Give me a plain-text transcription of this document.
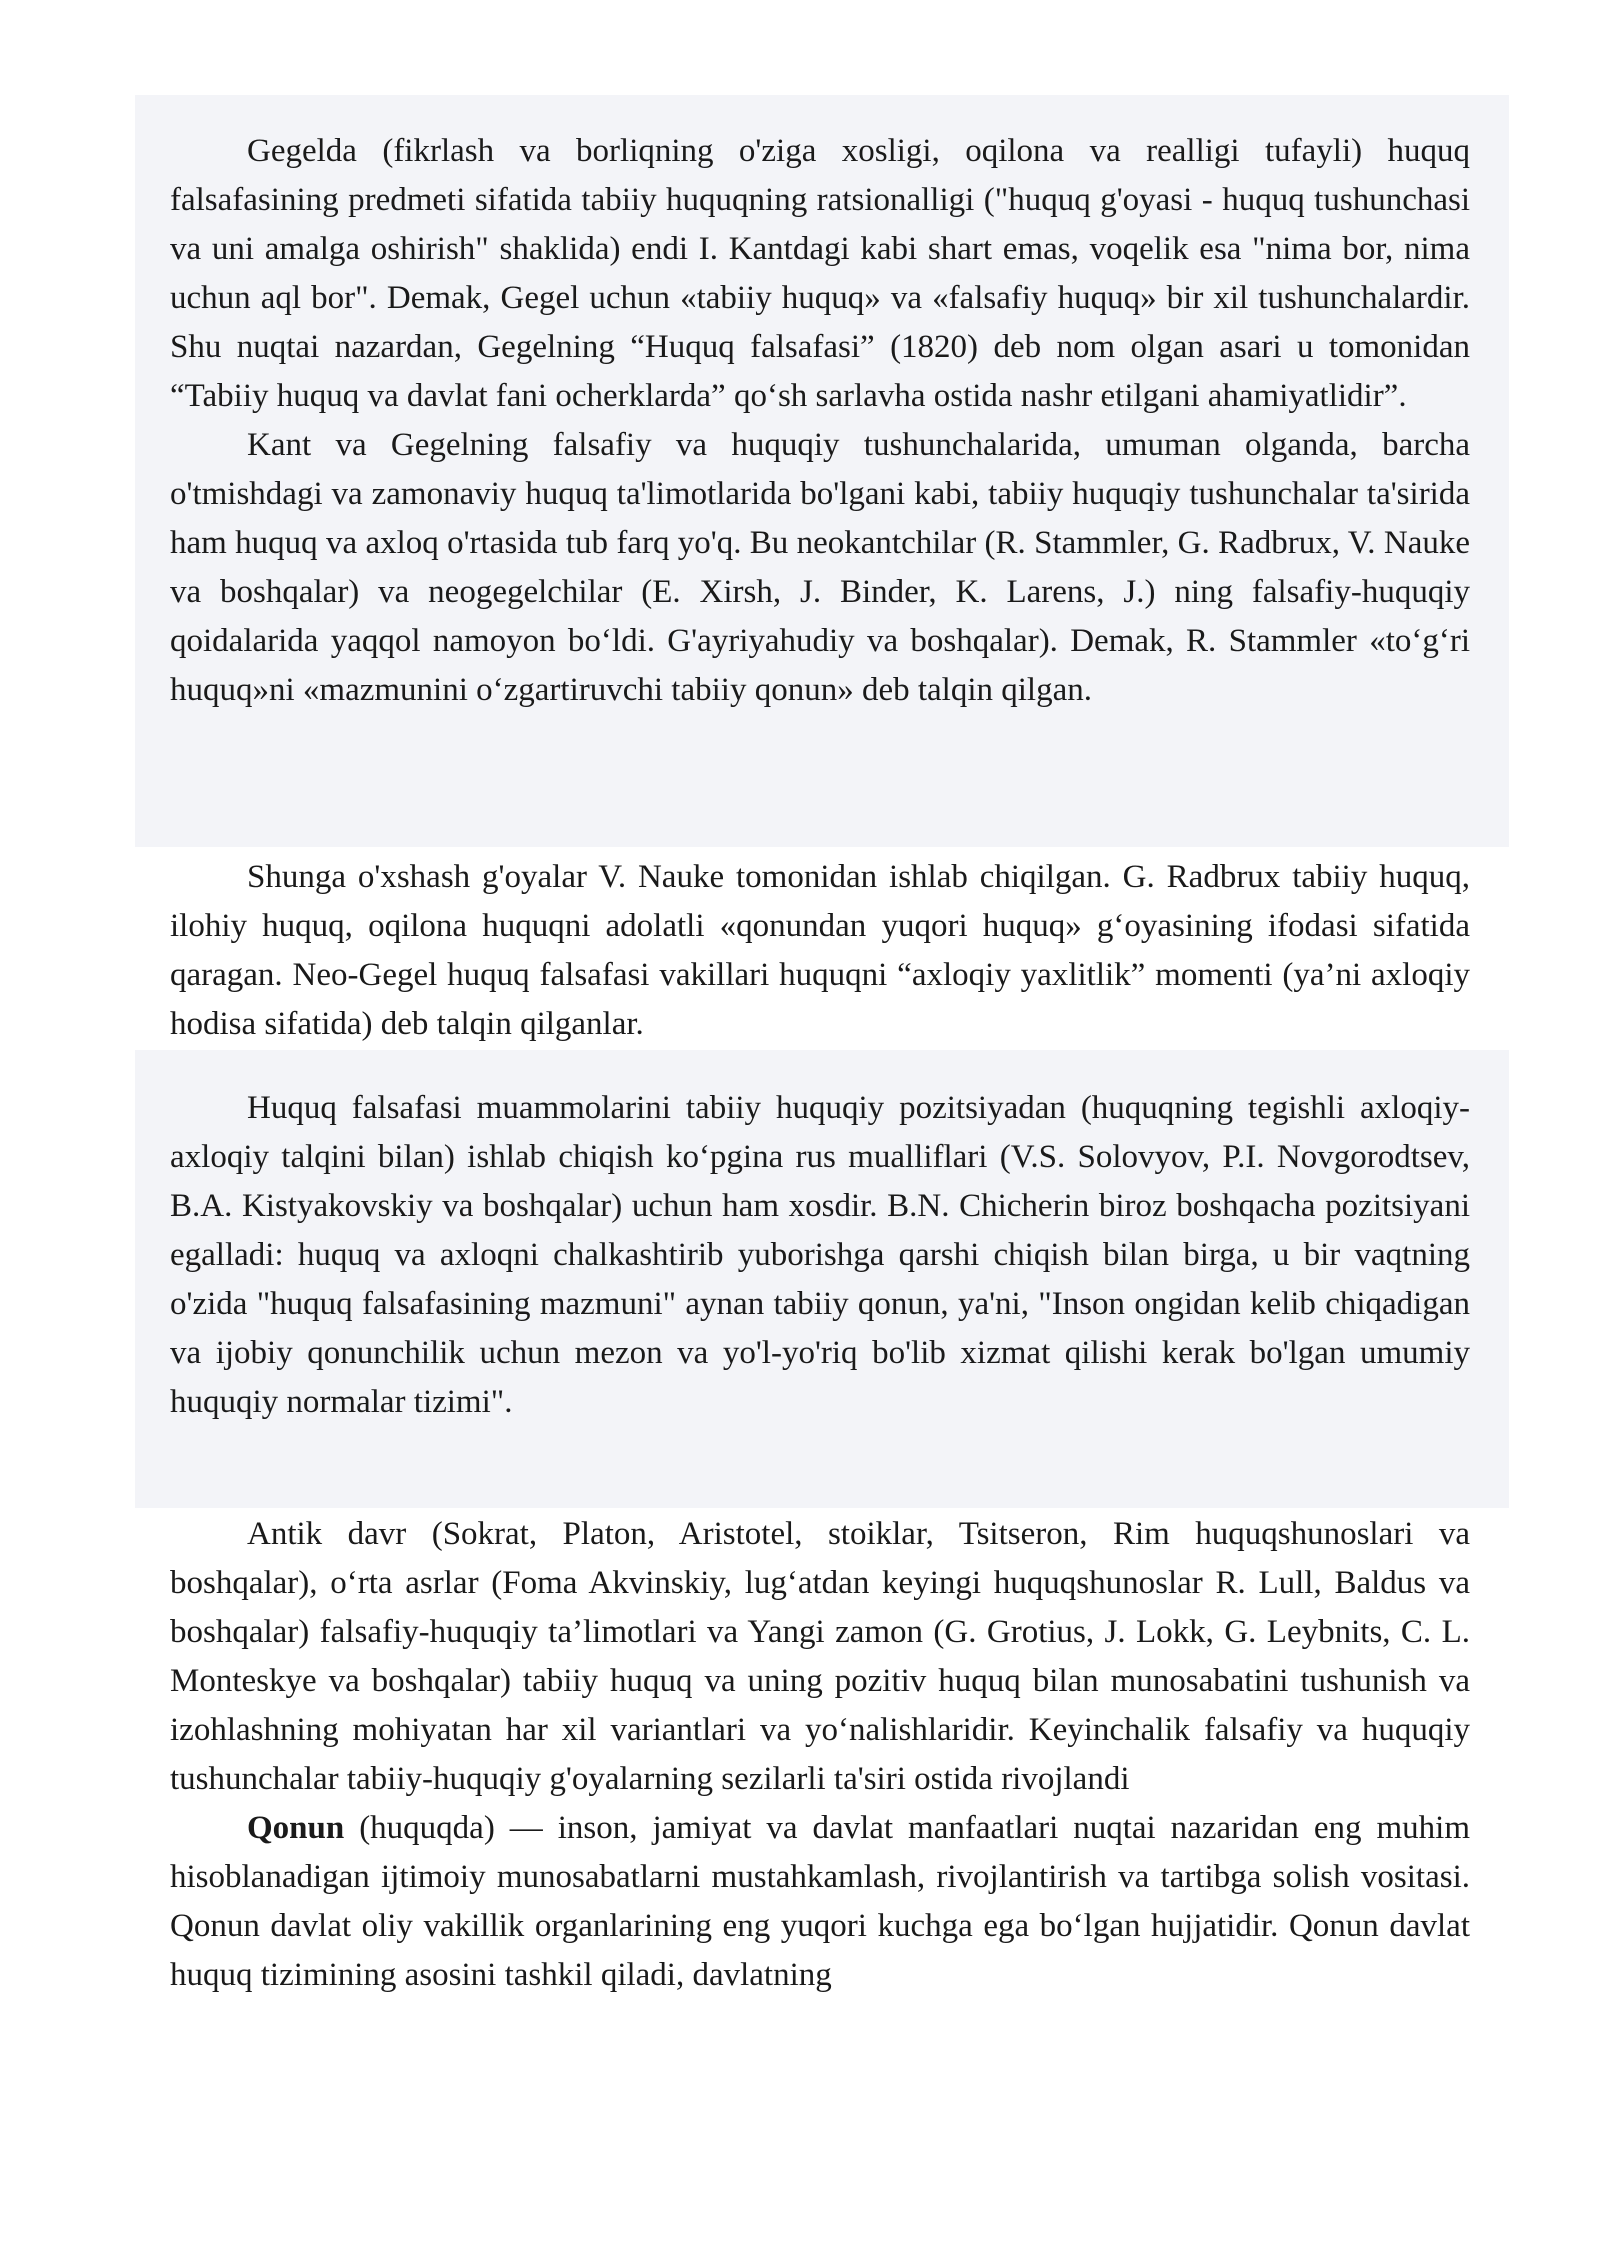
Gegelda (fikrlash va borliqning o'ziga xosligi, oqilona va realligi tufayli) huquq falsafasining predmeti sifatida tabiiy huquqning ratsionalligi ("huquq g'oyasi - huquq tushunchasi va uni amalga oshirish" shaklida) endi I. Kantdagi kabi shart emas, voqelik esa "nima bor, nima uchun aql bor". Demak, Gegel uchun «tabiiy huquq» va «falsafiy huquq» bir xil tushunchalardir. Shu nuqtai nazardan, Gegelning “Huquq falsafasi” (1820) deb nom olgan asari u tomonidan “Tabiiy huquq va davlat fani ocherklarda” qo‘sh sarlavha ostida nashr etilgani ahamiyatlidir”.

Kant va Gegelning falsafiy va huquqiy tushunchalarida, umuman olganda, barcha o'tmishdagi va zamonaviy huquq ta'limotlarida bo'lgani kabi, tabiiy huquqiy tushunchalar ta'sirida ham huquq va axloq o'rtasida tub farq yo'q. Bu neokantchilar (R. Stammler, G. Radbrux, V. Nauke va boshqalar) va neogegelchilar (E. Xirsh, J. Binder, K. Larens, J.) ning falsafiy-huquqiy qoidalarida yaqqol namoyon bo‘ldi. G'ayriyahudiy va boshqalar). Demak, R. Stammler «to‘g‘ri huquq»ni «mazmunini o‘zgartiruvchi tabiiy qonun» deb talqin qilgan.

Shunga o'xshash g'oyalar V. Nauke tomonidan ishlab chiqilgan. G. Radbrux tabiiy huquq, ilohiy huquq, oqilona huquqni adolatli «qonundan yuqori huquq» g‘oyasining ifodasi sifatida qaragan. Neo-Gegel huquq falsafasi vakillari huquqni “axloqiy yaxlitlik” momenti (ya’ni axloqiy hodisa sifatida) deb talqin qilganlar.

Huquq falsafasi muammolarini tabiiy huquqiy pozitsiyadan (huquqning tegishli axloqiy-axloqiy talqini bilan) ishlab chiqish ko‘pgina rus mualliflari (V.S. Solovyov, P.I. Novgorodtsev, B.A. Kistyakovskiy va boshqalar) uchun ham xosdir. B.N. Chicherin biroz boshqacha pozitsiyani egalladi: huquq va axloqni chalkashtirib yuborishga qarshi chiqish bilan birga, u bir vaqtning o'zida "huquq falsafasining mazmuni" aynan tabiiy qonun, ya'ni, "Inson ongidan kelib chiqadigan va ijobiy qonunchilik uchun mezon va yo'l-yo'riq bo'lib xizmat qilishi kerak bo'lgan umumiy huquqiy normalar tizimi".

Antik davr (Sokrat, Platon, Aristotel, stoiklar, Tsitseron, Rim huquqshunoslari va boshqalar), o‘rta asrlar (Foma Akvinskiy, lug‘atdan keyingi huquqshunoslar R. Lull, Baldus va boshqalar) falsafiy-huquqiy ta’limotlari va Yangi zamon (G. Grotius, J. Lokk, G. Leybnits, C. L. Monteskye va boshqalar) tabiiy huquq va uning pozitiv huquq bilan munosabatini tushunish va izohlashning mohiyatan har xil variantlari va yo‘nalishlaridir. Keyinchalik falsafiy va huquqiy tushunchalar tabiiy-huquqiy g'oyalarning sezilarli ta'siri ostida rivojlandi

Qonun (huquqda) — inson, jamiyat va davlat manfaatlari nuqtai nazaridan eng muhim hisoblanadigan ijtimoiy munosabatlarni mustahkamlash, rivojlantirish va tartibga solish vositasi. Qonun davlat oliy vakillik organlarining eng yuqori kuchga ega bo‘lgan hujjatidir. Qonun davlat huquq tizimining asosini tashkil qiladi, davlatning
